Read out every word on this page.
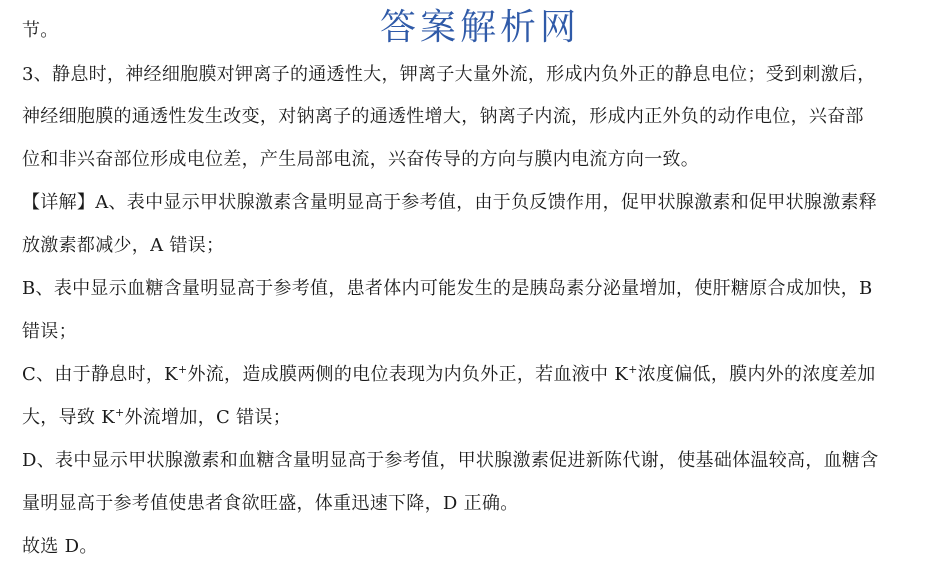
答案解析网
节。
3、静息时，神经细胞膜对钾离子的通透性大，钾离子大量外流，形成内负外正的静息电位；受到刺激后，
神经细胞膜的通透性发生改变，对钠离子的通透性增大，钠离子内流，形成内正外负的动作电位，兴奋部
位和非兴奋部位形成电位差，产生局部电流，兴奋传导的方向与膜内电流方向一致。
【详解】A、表中显示甲状腺激素含量明显高于参考值，由于负反馈作用，促甲状腺激素和促甲状腺激素释
放激素都减少，A 错误；
B、表中显示血糖含量明显高于参考值，患者体内可能发生的是胰岛素分泌量增加，使肝糖原合成加快，B
错误；
C、由于静息时，K+外流，造成膜两侧的电位表现为内负外正，若血液中 K+浓度偏低，膜内外的浓度差加
大，导致 K+外流增加，C 错误；
D、表中显示甲状腺激素和血糖含量明显高于参考值，甲状腺激素促进新陈代谢，使基础体温较高，血糖含
量明显高于参考值使患者食欲旺盛，体重迅速下降，D 正确。
故选 D。
